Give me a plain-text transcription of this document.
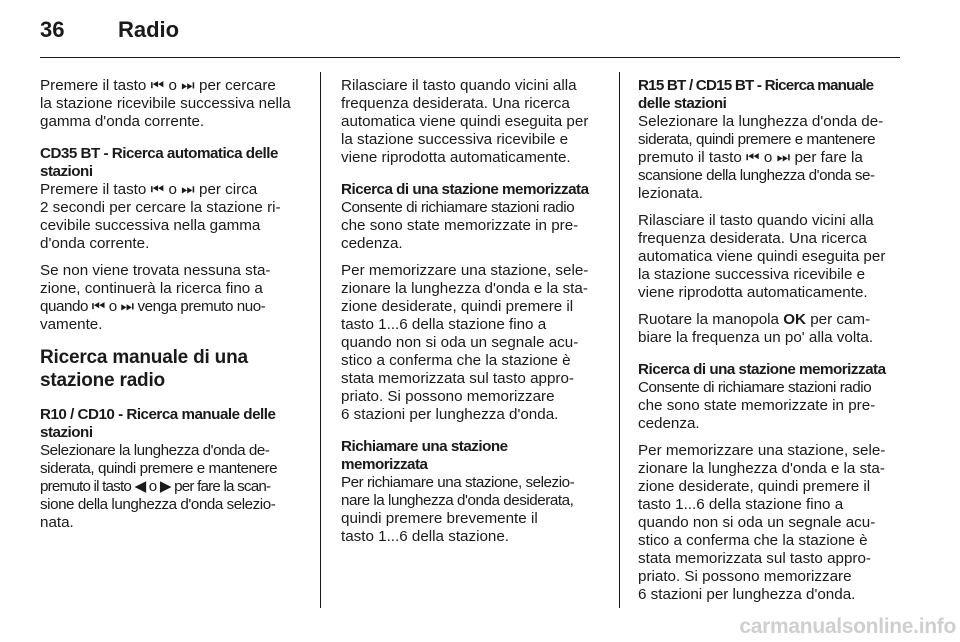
36	Radio
Premere il tasto ⏮ o ⏭ per cercare
la stazione ricevibile successiva nella
gamma d'onda corrente.
CD35 BT - Ricerca automatica delle
stazioni
Premere il tasto ⏮ o ⏭ per circa
2 secondi per cercare la stazione ri-
cevibile successiva nella gamma
d'onda corrente.
Se non viene trovata nessuna sta-
zione, continuerà la ricerca fino a
quando ⏮ o ⏭ venga premuto nuo-
vamente.
Ricerca manuale di una
stazione radio
R10 / CD10 - Ricerca manuale delle
stazioni
Selezionare la lunghezza d'onda de-
siderata, quindi premere e mantenere
premuto il tasto ◀ o ▶ per fare la scan-
sione della lunghezza d'onda selezio-
nata.
Rilasciare il tasto quando vicini alla
frequenza desiderata. Una ricerca
automatica viene quindi eseguita per
la stazione successiva ricevibile e
viene riprodotta automaticamente.
Ricerca di una stazione memorizzata
Consente di richiamare stazioni radio
che sono state memorizzate in pre-
cedenza.
Per memorizzare una stazione, sele-
zionare la lunghezza d'onda e la sta-
zione desiderate, quindi premere il
tasto 1...6 della stazione fino a
quando non si oda un segnale acu-
stico a conferma che la stazione è
stata memorizzata sul tasto appro-
priato. Si possono memorizzare
6 stazioni per lunghezza d'onda.
Richiamare una stazione
memorizzata
Per richiamare una stazione, selezio-
nare la lunghezza d'onda desiderata,
quindi premere brevemente il
tasto 1...6 della stazione.
R15 BT / CD15 BT - Ricerca manuale
delle stazioni
Selezionare la lunghezza d'onda de-
siderata, quindi premere e mantenere
premuto il tasto ⏮ o ⏭ per fare la
scansione della lunghezza d'onda se-
lezionata.
Rilasciare il tasto quando vicini alla
frequenza desiderata. Una ricerca
automatica viene quindi eseguita per
la stazione successiva ricevibile e
viene riprodotta automaticamente.
Ruotare la manopola OK per cam-
biare la frequenza un po' alla volta.
Ricerca di una stazione memorizzata
Consente di richiamare stazioni radio
che sono state memorizzate in pre-
cedenza.
Per memorizzare una stazione, sele-
zionare la lunghezza d'onda e la sta-
zione desiderate, quindi premere il
tasto 1...6 della stazione fino a
quando non si oda un segnale acu-
stico a conferma che la stazione è
stata memorizzata sul tasto appro-
priato. Si possono memorizzare
6 stazioni per lunghezza d'onda.
carmanualsonline.info
